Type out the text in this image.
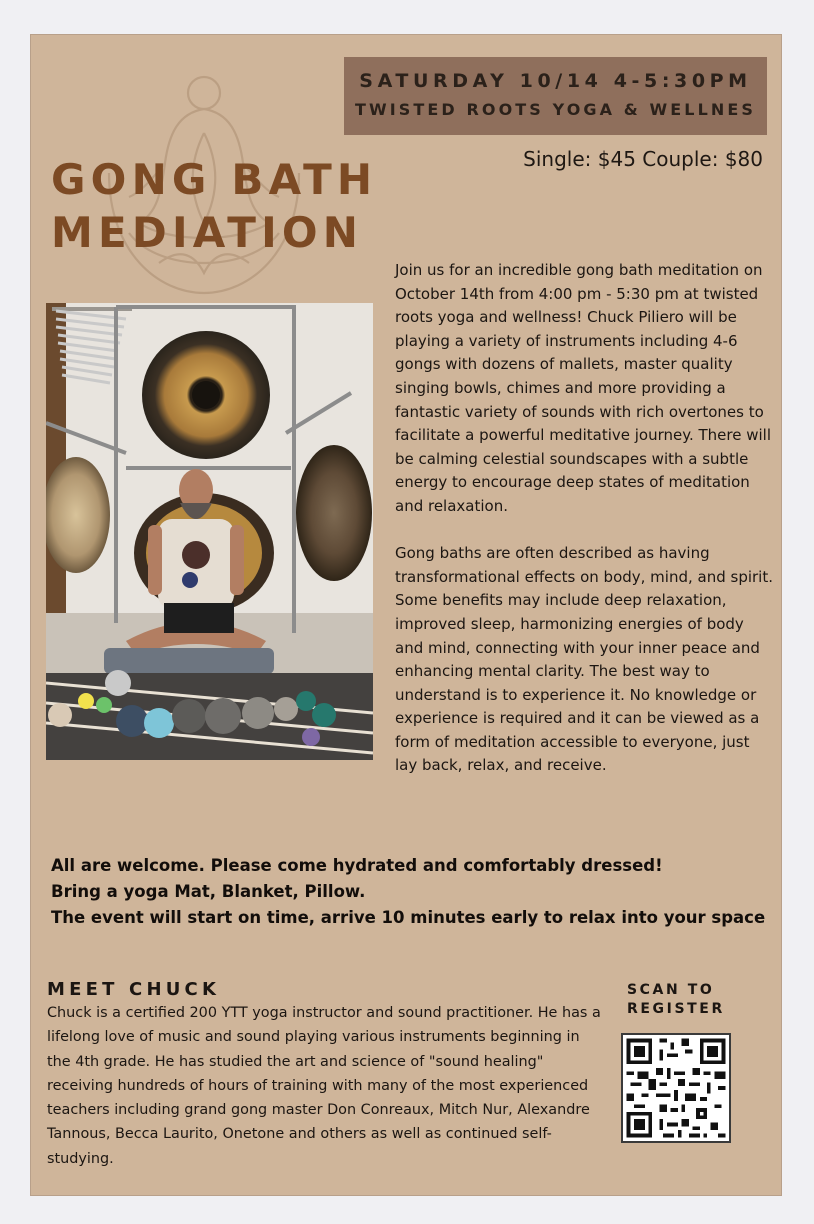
SATURDAY 10/14 4-5:30PM
TWISTED ROOTS YOGA & WELLNES
Single: $45 Couple: $80
GONG BATH
MEDIATION

Join us for an incredible gong bath meditation on October 14th from 4:00 pm - 5:30 pm at twisted roots yoga and wellness! Chuck Piliero will be playing a variety of instruments including 4-6 gongs with dozens of mallets, master quality singing bowls, chimes and more providing a fantastic variety of sounds with rich overtones to facilitate a powerful meditative journey. There will be calming celestial soundscapes with a subtle energy to encourage deep states of meditation and relaxation.

Gong baths are often described as having transformational effects on body, mind, and spirit. Some benefits may include deep relaxation, improved sleep, harmonizing energies of body and mind, connecting with your inner peace and enhancing mental clarity. The best way to understand is to experience it. No knowledge or experience is required and it can be viewed as a form of meditation accessible to everyone, just lay back, relax, and receive.

All are welcome. Please come hydrated and comfortably dressed!
Bring a yoga Mat, Blanket, Pillow.
The event will start on time, arrive 10 minutes early to relax into your space
MEET CHUCK
Chuck is a certified 200 YTT yoga instructor and sound practitioner. He has a lifelong love of music and sound playing various instruments beginning in the 4th grade. He has studied the art and science of "sound healing" receiving hundreds of hours of training with many of the most experienced teachers including grand gong master Don Conreaux, Mitch Nur, Alexandre Tannous, Becca Laurito, Onetone and others as well as continued self-studying.
SCAN TO
REGISTER
